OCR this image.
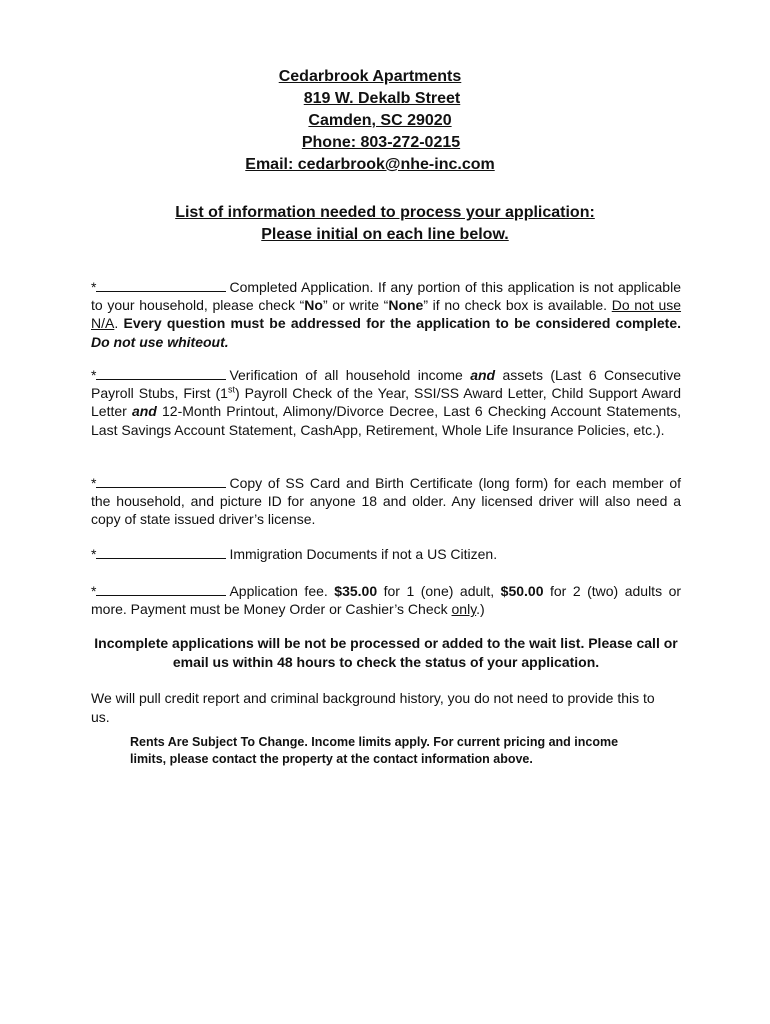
Cedarbrook Apartments
819 W. Dekalb Street
Camden, SC 29020
Phone: 803-272-0215
Email: cedarbrook@nhe-inc.com
List of information needed to process your application:
Please initial on each line below.
*	Completed Application. If any portion of this application is not applicable to your household, please check “No” or write “None” if no check box is available. Do not use N/A. Every question must be addressed for the application to be considered complete. Do not use whiteout.
*	Verification of all household income and assets (Last 6 Consecutive Payroll Stubs, First (1st) Payroll Check of the Year, SSI/SS Award Letter, Child Support Award Letter and 12-Month Printout, Alimony/Divorce Decree, Last 6 Checking Account Statements, Last Savings Account Statement, CashApp, Retirement, Whole Life Insurance Policies, etc.).
*	Copy of SS Card and Birth Certificate (long form) for each member of the household, and picture ID for anyone 18 and older. Any licensed driver will also need a copy of state issued driver’s license.
*	Immigration Documents if not a US Citizen.
*	Application fee. $35.00 for 1 (one) adult, $50.00 for 2 (two) adults or more. Payment must be Money Order or Cashier’s Check only.)
Incomplete applications will be not be processed or added to the wait list. Please call or email us within 48 hours to check the status of your application.
We will pull credit report and criminal background history, you do not need to provide this to us.
Rents Are Subject To Change. Income limits apply. For current pricing and income limits, please contact the property at the contact information above.
